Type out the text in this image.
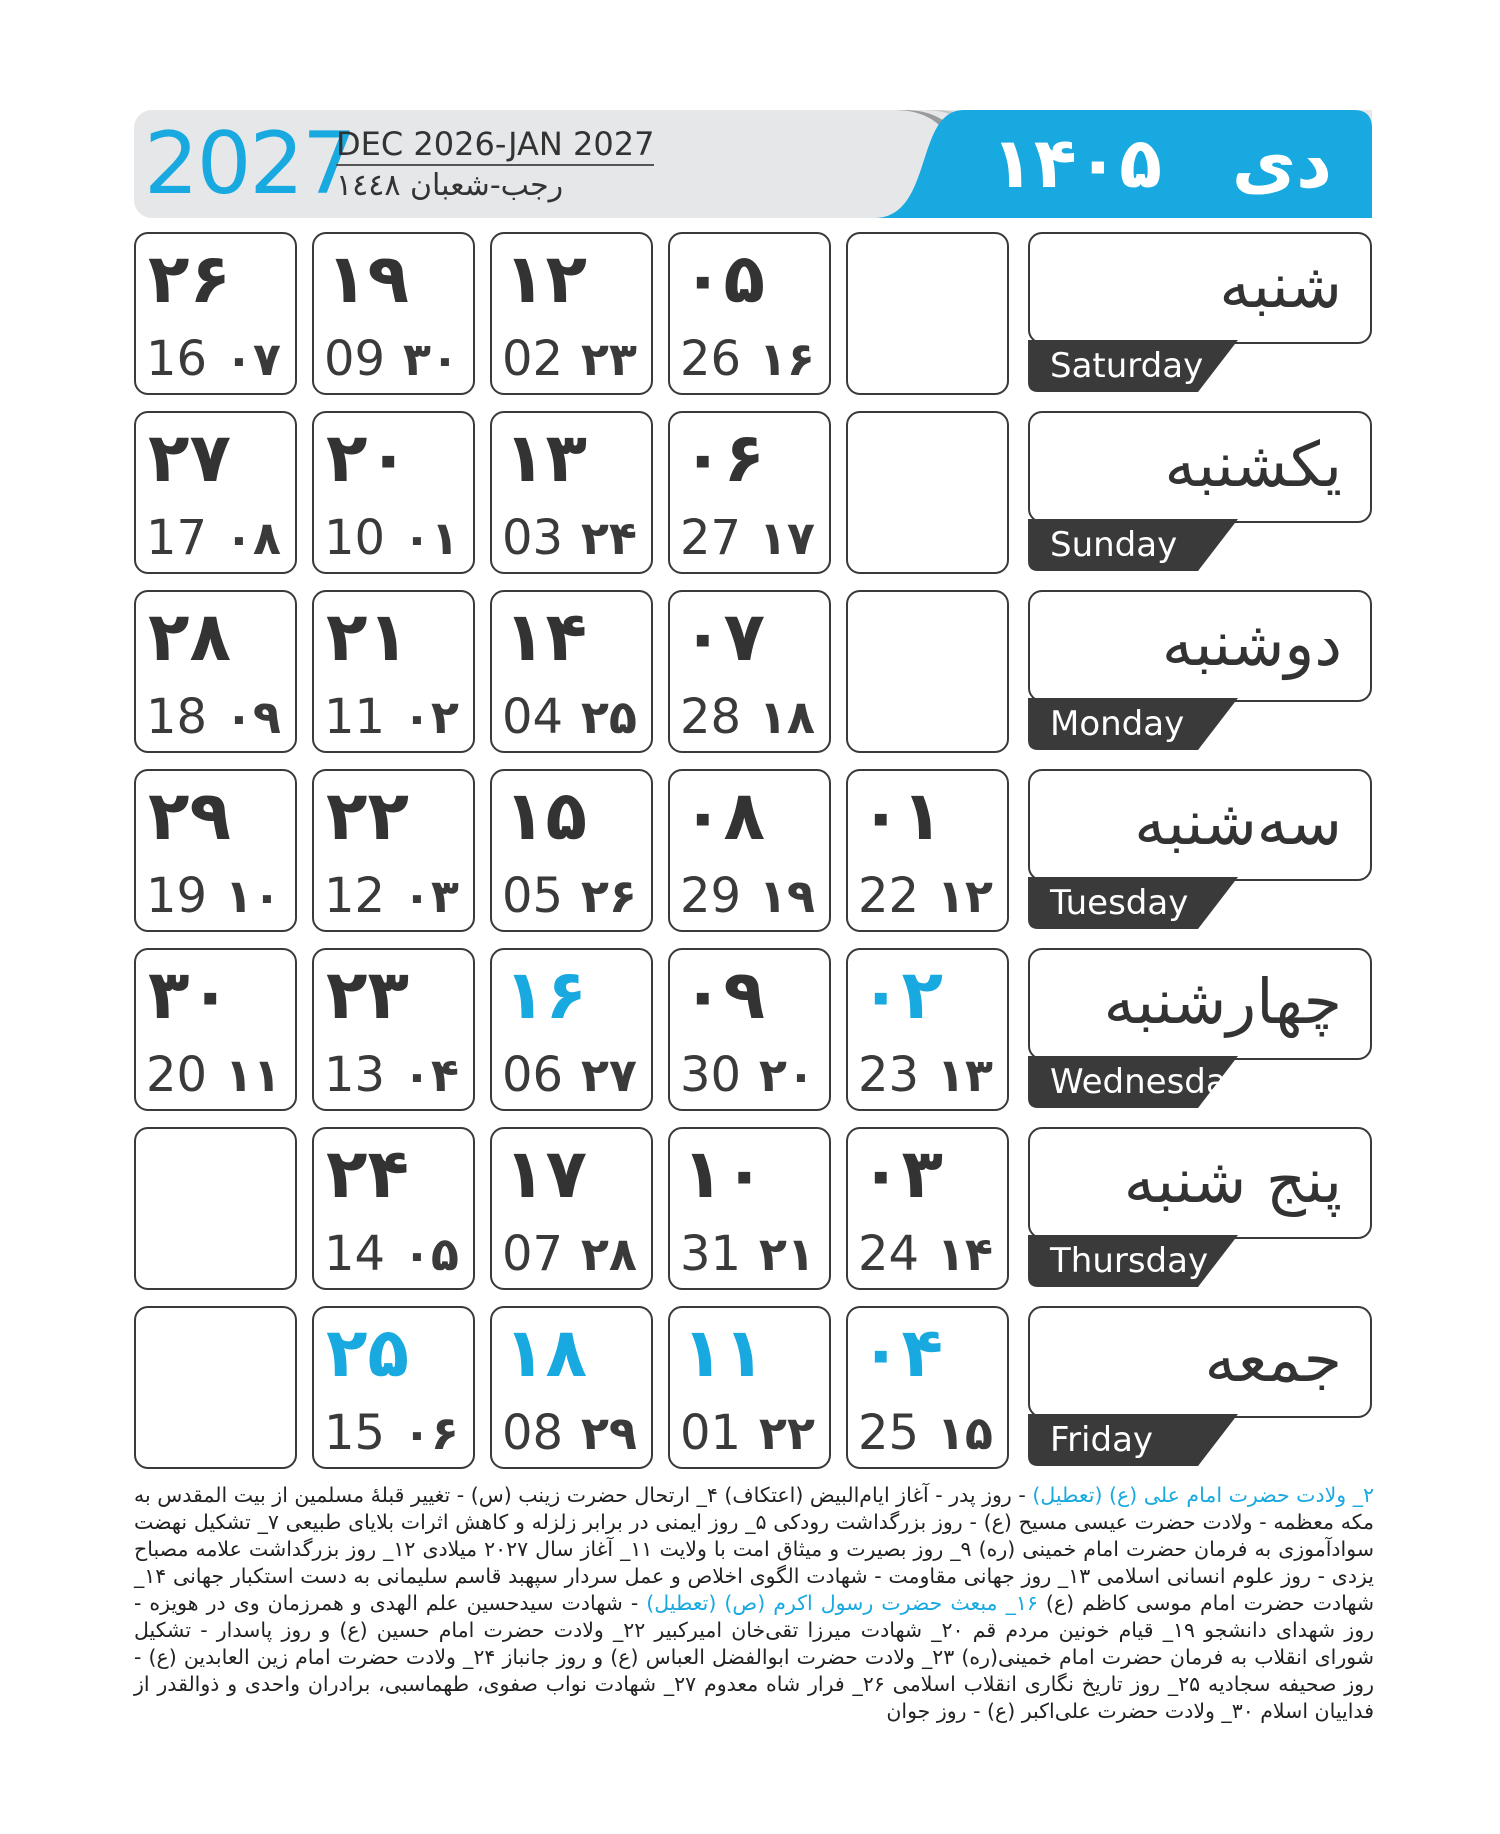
2027
DEC 2026-JAN 2027
رجب-شعبان ١٤٤٨	دی
۱۴۰۵
شنبه
Saturday
۰۵
26 ۱۶
۱۲
02 ۲۳
۱۹
09 ۳۰
۲۶
16 ۰۷
یکشنبه
Sunday
۰۶
27 ۱۷
۱۳
03 ۲۴
۲۰
10 ۰۱
۲۷
17 ۰۸
دوشنبه
Monday
۰۷
28 ۱۸
۱۴
04 ۲۵
۲۱
11 ۰۲
۲۸
18 ۰۹
سه‌شنبه
Tuesday
۰۱
22 ۱۲
۰۸
29 ۱۹
۱۵
05 ۲۶
۲۲
12 ۰۳
۲۹
19 ۱۰
چهارشنبه
Wednesday
۰۲
23 ۱۳
۰۹
30 ۲۰
۱۶
06 ۲۷
۲۳
13 ۰۴
۳۰
20 ۱۱
پنج شنبه
Thursday
۰۳
24 ۱۴
۱۰
31 ۲۱
۱۷
07 ۲۸
۲۴
14 ۰۵
جمعه
Friday
۰۴
25 ۱۵
۱۱
01 ۲۲
۱۸
08 ۲۹
۲۵
15 ۰۶
۲_ ولادت حضرت امام علی (ع) (تعطیل) - روز پدر - آغاز ایام‌البیض (اعتکاف) ۴_ ارتحال حضرت زینب (س) - تغییر قبلهٔ مسلمین از بیت المقدس به مکه معظمه - ولادت حضرت عیسی مسیح (ع) - روز بزرگداشت رودکی ۵_ روز ایمنی در برابر زلزله و کاهش اثرات بلایای طبیعی ۷_ تشکیل نهضت سوادآموزی به فرمان حضرت امام خمینی (ره) ۹_ روز بصیرت و میثاق امت با ولایت ۱۱_ آغاز سال ۲۰۲۷ میلادی ۱۲_ روز بزرگداشت علامه مصباح یزدی - روز علوم انسانی اسلامی ۱۳_ روز جهانی مقاومت - شهادت الگوی اخلاص و عمل سردار سپهبد قاسم سلیمانی به دست استکبار جهانی ۱۴_ شهادت حضرت امام موسی کاظم (ع) ۱۶_ مبعث حضرت رسول اکرم (ص) (تعطیل) - شهادت سیدحسین علم الهدی و همرزمان وی در هویزه - روز شهدای دانشجو ۱۹_ قیام خونین مردم قم ۲۰_ شهادت میرزا تقی‌خان امیرکبیر ۲۲_ ولادت حضرت امام حسین (ع) و روز پاسدار - تشکیل شورای انقلاب به فرمان حضرت امام خمینی(ره) ۲۳_ ولادت حضرت ابوالفضل العباس (ع) و روز جانباز ۲۴_ ولادت حضرت امام زین العابدین (ع) - روز صحیفه سجادیه ۲۵_ روز تاریخ نگاری انقلاب اسلامی ۲۶_ فرار شاه معدوم ۲۷_ شهادت نواب صفوی، طهماسبی، برادران واحدی و ذوالقدر از فداییان اسلام ۳۰_ ولادت حضرت علی‌اکبر (ع) - روز جوان
